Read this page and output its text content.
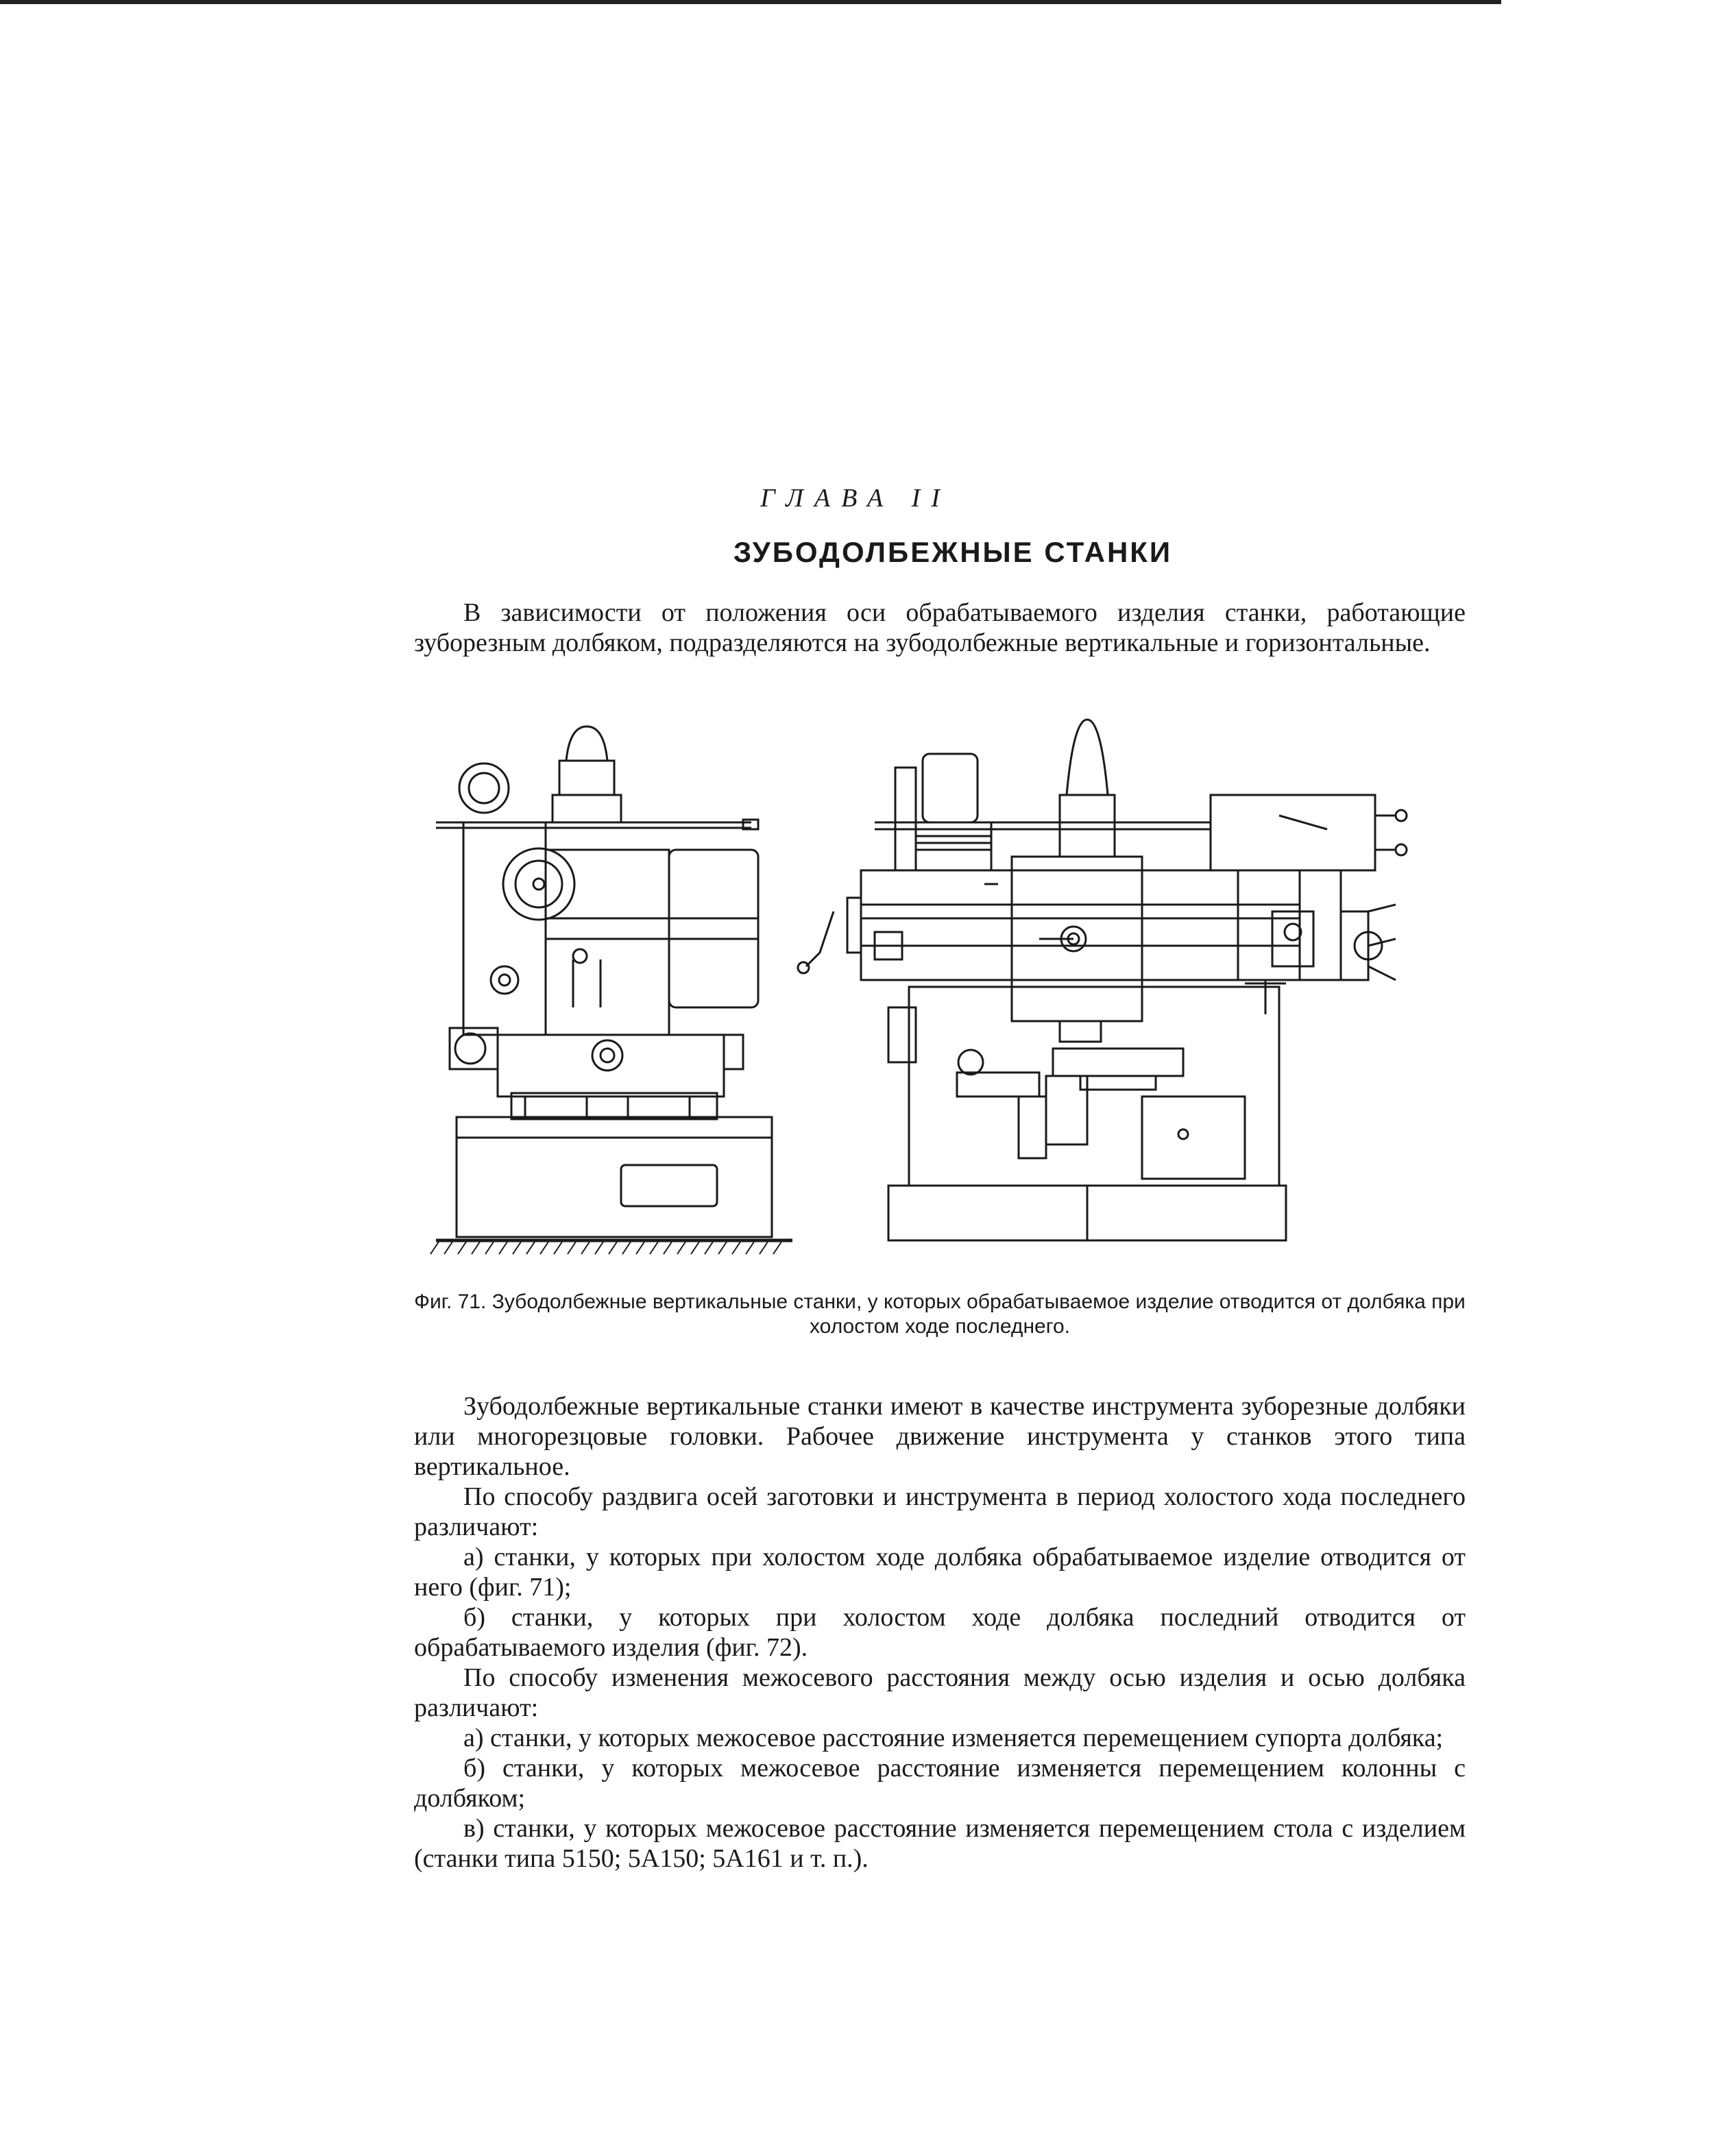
ГЛАВА II
ЗУБОДОЛБЕЖНЫЕ СТАНКИ

В зависимости от положения оси обрабатываемого изделия станки, работающие зуборезным долбяком, подразделяются на зубодолбежные вертикальные и горизонтальные.

Фиг. 71. Зубодолбежные вертикальные станки, у которых обрабатываемое изделие отводится от долбяка при холостом ходе последнего.

Зубодолбежные вертикальные станки имеют в качестве инструмента зуборезные долбяки или многорезцовые головки. Рабочее движение инструмента у станков этого типа вертикальное.

По способу раздвига осей заготовки и инструмента в период холостого хода последнего различают:

а) станки, у которых при холостом ходе долбяка обрабатываемое изделие отводится от него (фиг. 71);

б) станки, у которых при холостом ходе долбяка последний отводится от обрабатываемого изделия (фиг. 72).

По способу изменения межосевого расстояния между осью изделия и осью долбяка различают:

а) станки, у которых межосевое расстояние изменяется перемещением супорта долбяка;

б) станки, у которых межосевое расстояние изменяется перемещением колонны с долбяком;

в) станки, у которых межосевое расстояние изменяется перемещением стола с изделием (станки типа 5150; 5А150; 5А161 и т. п.).
